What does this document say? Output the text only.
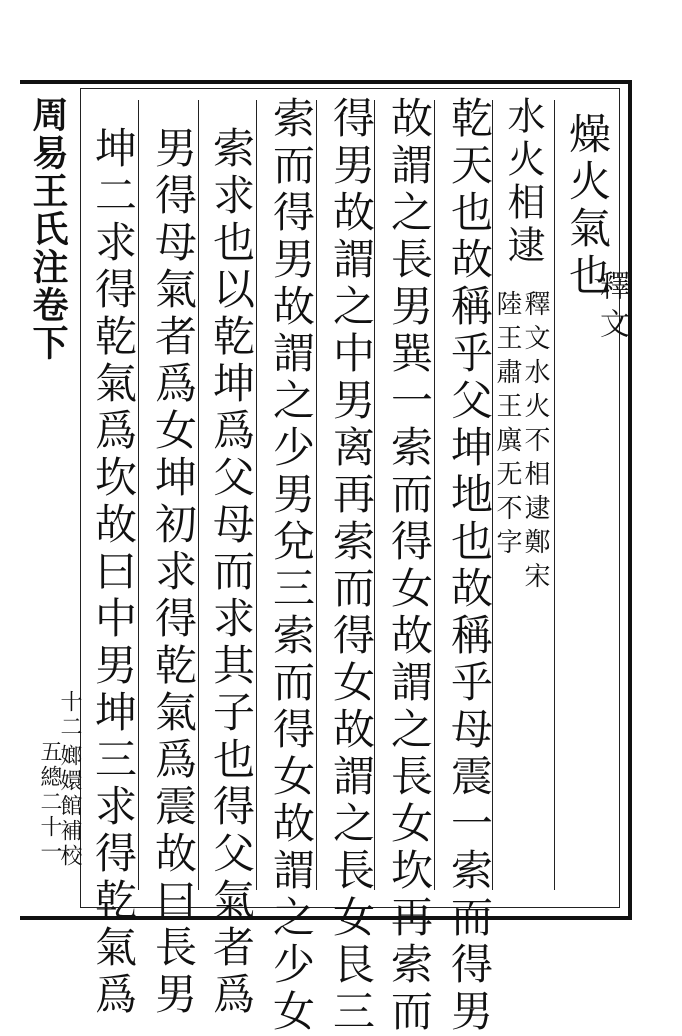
周易王氏注卷下
燥火氣也
乾天也故稱乎父坤地也故稱乎母震一索而得男
故謂之長男巽一索而得女故謂之長女坎再索而
得男故謂之中男离再索而得女故謂之長女艮三
索而得男故謂之少男兌三索而得女故謂之少女
索求也以乾坤爲父母而求其子也得父氣者爲
男得母氣者爲女坤初求得乾氣爲震故曰長男
坤二求得乾氣爲坎故曰中男坤三求得乾氣爲	釋文
水火相逮
釋文水火不相逮鄭宋
陸王肅王廙无不字
五總二十一
十二
嫏嬛館補校
